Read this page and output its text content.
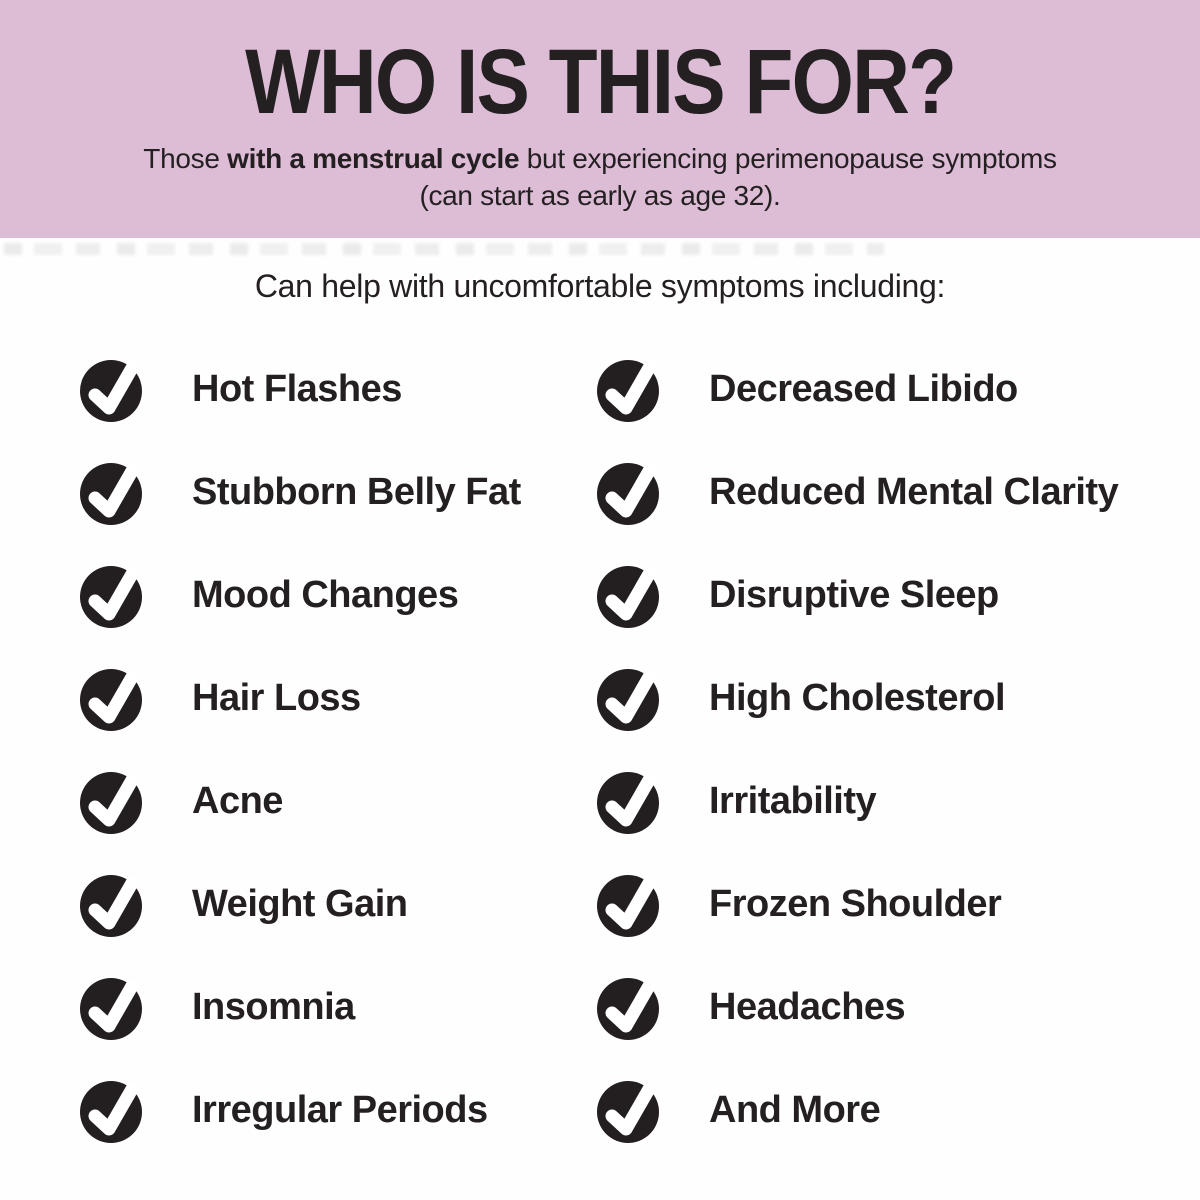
WHO IS THIS FOR?
Those with a menstrual cycle but experiencing perimenopause symptoms
(can start as early as age 32).
Can help with uncomfortable symptoms including:
Hot Flashes
Stubborn Belly Fat
Mood Changes
Hair Loss
Acne
Weight Gain
Insomnia
Irregular Periods
Decreased Libido
Reduced Mental Clarity
Disruptive Sleep
High Cholesterol
Irritability
Frozen Shoulder
Headaches
And More
